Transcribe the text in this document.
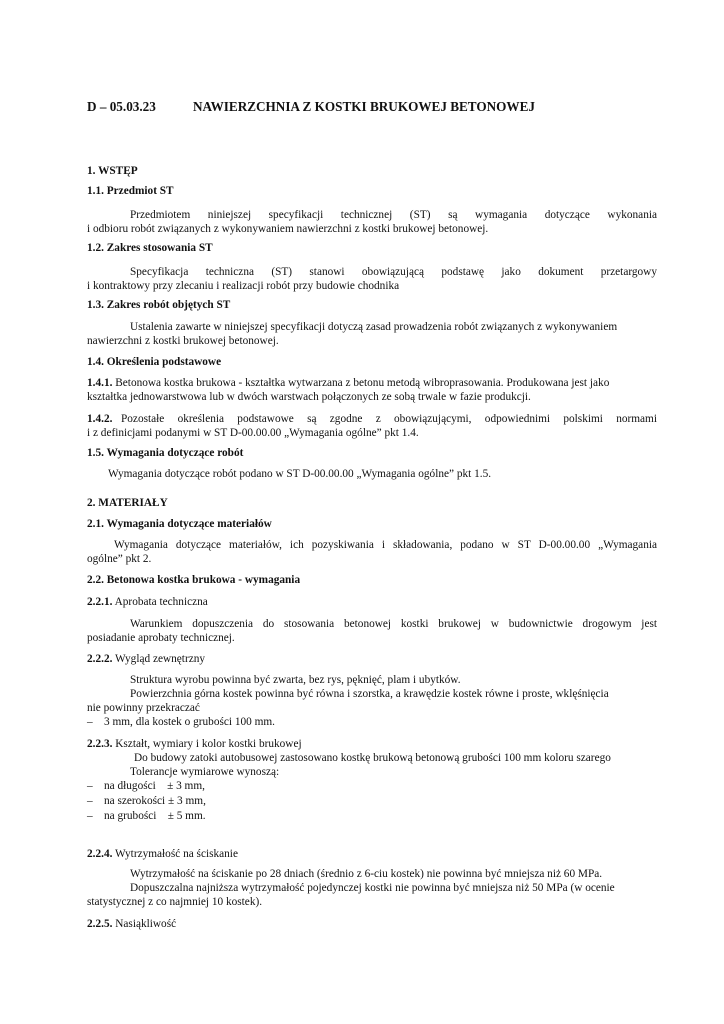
D – 05.03.23	NAWIERZCHNIA Z KOSTKI BRUKOWEJ BETONOWEJ
1. WSTĘP
1.1. Przedmiot ST
Przedmiotem niniejszej specyfikacji technicznej (ST) są wymagania dotyczące wykonania
i odbioru robót związanych z wykonywaniem nawierzchni z kostki brukowej betonowej.
1.2. Zakres stosowania ST
Specyfikacja techniczna (ST) stanowi obowiązującą podstawę jako dokument przetargowy
i kontraktowy przy zlecaniu i realizacji robót przy budowie chodnika
1.3. Zakres robót objętych ST
Ustalenia zawarte w niniejszej specyfikacji dotyczą zasad prowadzenia robót związanych z wykonywaniem
nawierzchni z kostki brukowej betonowej.
1.4. Określenia podstawowe
1.4.1. Betonowa kostka brukowa - kształtka wytwarzana z betonu metodą wibroprasowania. Produkowana jest jako
kształtka jednowarstwowa lub w dwóch warstwach połączonych ze sobą trwale w fazie produkcji.
1.4.2. Pozostałe określenia podstawowe są zgodne z obowiązującymi, odpowiednimi polskimi normami
i z definicjami podanymi w ST D-00.00.00 „Wymagania ogólne” pkt 1.4.
1.5. Wymagania dotyczące robót
Wymagania dotyczące robót podano w ST D-00.00.00 „Wymagania ogólne” pkt 1.5.
2. MATERIAŁY
2.1. Wymagania dotyczące materiałów
Wymagania dotyczące materiałów, ich pozyskiwania i składowania, podano w ST D-00.00.00 „Wymagania
ogólne” pkt 2.
2.2. Betonowa kostka brukowa - wymagania
2.2.1. Aprobata techniczna
Warunkiem dopuszczenia do stosowania betonowej kostki brukowej w budownictwie drogowym jest
posiadanie aprobaty technicznej.
2.2.2. Wygląd zewnętrzny
Struktura wyrobu powinna być zwarta, bez rys, pęknięć, plam i ubytków.
Powierzchnia górna kostek powinna być równa i szorstka, a krawędzie kostek równe i proste, wklęśnięcia
nie powinny przekraczać
– 3 mm, dla kostek o grubości 100 mm.
2.2.3. Kształt, wymiary i kolor kostki brukowej
Do budowy zatoki autobusowej zastosowano kostkę brukową betonową grubości 100 mm koloru szarego
Tolerancje wymiarowe wynoszą:
– na długości    ± 3 mm,
– na szerokości ± 3 mm,
– na grubości    ± 5 mm.
2.2.4. Wytrzymałość na ściskanie
Wytrzymałość na ściskanie po 28 dniach (średnio z 6-ciu kostek) nie powinna być mniejsza niż 60 MPa.
Dopuszczalna najniższa wytrzymałość pojedynczej kostki nie powinna być mniejsza niż 50 MPa (w ocenie
statystycznej z co najmniej 10 kostek).
2.2.5. Nasiąkliwość
